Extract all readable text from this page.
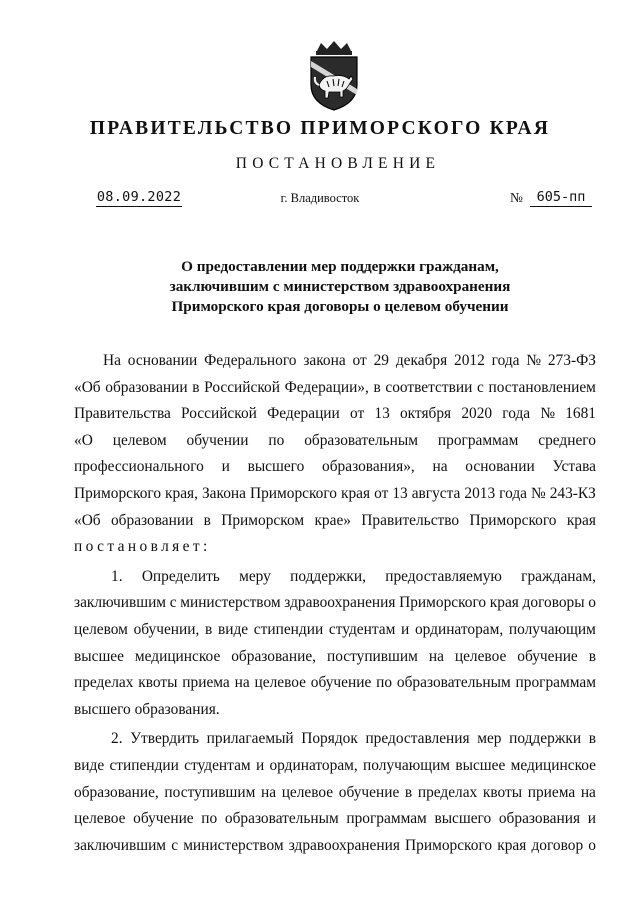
ПРАВИТЕЛЬСТВО ПРИМОРСКОГО КРАЯ
ПОСТАНОВЛЕНИЕ
08.09.2022	г. Владивосток	№	605-пп
О предоставлении мер поддержки гражданам,
заключившим с министерством здравоохранения
Приморского края договоры о целевом обучении
На основании Федерального закона от 29 декабря 2012 года № 273-ФЗ
«Об образовании в Российской Федерации», в соответствии с постановлением
Правительства Российской Федерации от 13 октября 2020 года № 1681
«О целевом обучении по образовательным программам среднего
профессионального и высшего образования», на основании Устава
Приморского края, Закона Приморского края от 13 августа 2013 года № 243-КЗ
«Об образовании в Приморском крае» Правительство Приморского края
постановляет:
1. Определить меру поддержки, предоставляемую гражданам,
заключившим с министерством здравоохранения Приморского края договоры о
целевом обучении, в виде стипендии студентам и ординаторам, получающим
высшее медицинское образование, поступившим на целевое обучение в
пределах квоты приема на целевое обучение по образовательным программам
высшего образования.
2. Утвердить прилагаемый Порядок предоставления мер поддержки в
виде стипендии студентам и ординаторам, получающим высшее медицинское
образование, поступившим на целевое обучение в пределах квоты приема на
целевое обучение по образовательным программам высшего образования и
заключившим с министерством здравоохранения Приморского края договор о
